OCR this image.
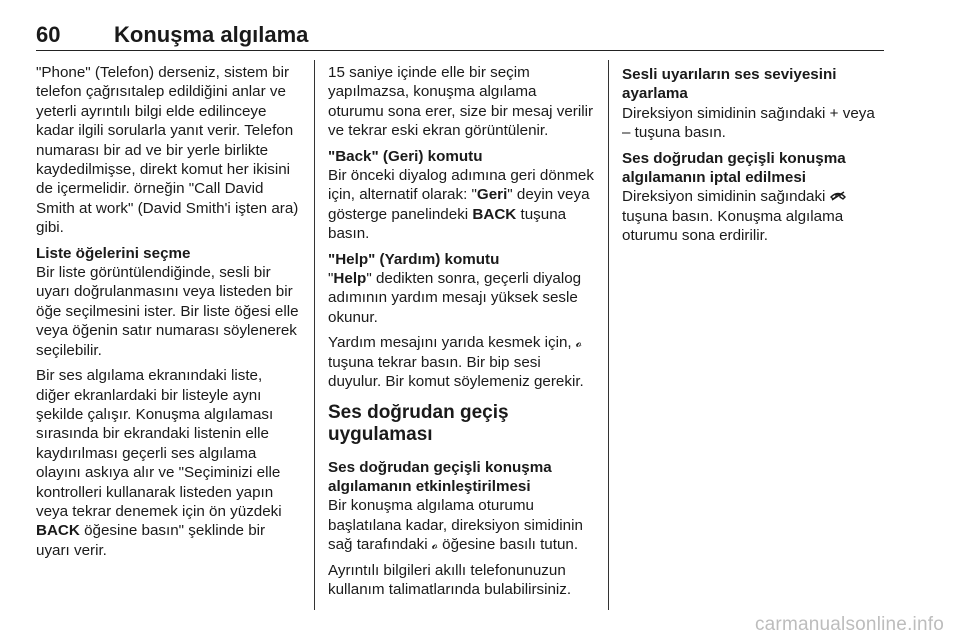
60 Konuşma algılama

"Phone" (Telefon) derseniz, sistem bir telefon çağrısıtalep edildiğini anlar ve yeterli ayrıntılı bilgi elde edilinceye kadar ilgili sorularla yanıt verir. Telefon numarası bir ad ve bir yerle birlikte kaydedilmişse, direkt komut her ikisini de içermelidir. örneğin "Call David Smith at work" (David Smith'i işten ara) gibi.

Liste öğelerini seçme

Bir liste görüntülendiğinde, sesli bir uyarı doğrulanmasını veya listeden bir öğe seçilmesini ister. Bir liste öğesi elle veya öğenin satır numarası söylenerek seçilebilir.

Bir ses algılama ekranındaki liste, diğer ekranlardaki bir listeyle aynı şekilde çalışır. Konuşma algılaması sırasında bir ekrandaki listenin elle kaydırılması geçerli ses algılama olayını askıya alır ve "Seçiminizi elle kontrolleri kullanarak listeden yapın veya tekrar denemek için ön yüzdeki BACK öğesine basın" şeklinde bir uyarı verir.

15 saniye içinde elle bir seçim yapılmazsa, konuşma algılama oturumu sona erer, size bir mesaj verilir ve tekrar eski ekran görüntülenir.

"Back" (Geri) komutu

Bir önceki diyalog adımına geri dönmek için, alternatif olarak: "Geri" deyin veya gösterge panelindeki BACK tuşuna basın.

"Help" (Yardım) komutu

"Help" dedikten sonra, geçerli diyalog adımının yardım mesajı yüksek sesle okunur.

Yardım mesajını yarıda kesmek için, 𝓸 tuşuna tekrar basın. Bir bip sesi duyulur. Bir komut söylemeniz gerekir.

Ses doğrudan geçiş uygulaması
Ses doğrudan geçişli konuşma algılamanın etkinleştirilmesi

Bir konuşma algılama oturumu başlatılana kadar, direksiyon simidinin sağ tarafındaki 𝓸 öğesine basılı tutun.

Ayrıntılı bilgileri akıllı telefonunuzun kullanım talimatlarında bulabilirsiniz.

Sesli uyarıların ses seviyesini ayarlama

Direksiyon simidinin sağındaki + veya – tuşuna basın.

Ses doğrudan geçişli konuşma algılamanın iptal edilmesi

Direksiyon simidinin sağındaki  tuşuna basın. Konuşma algılama oturumu sona erdirilir.

carmanualsonline.info
